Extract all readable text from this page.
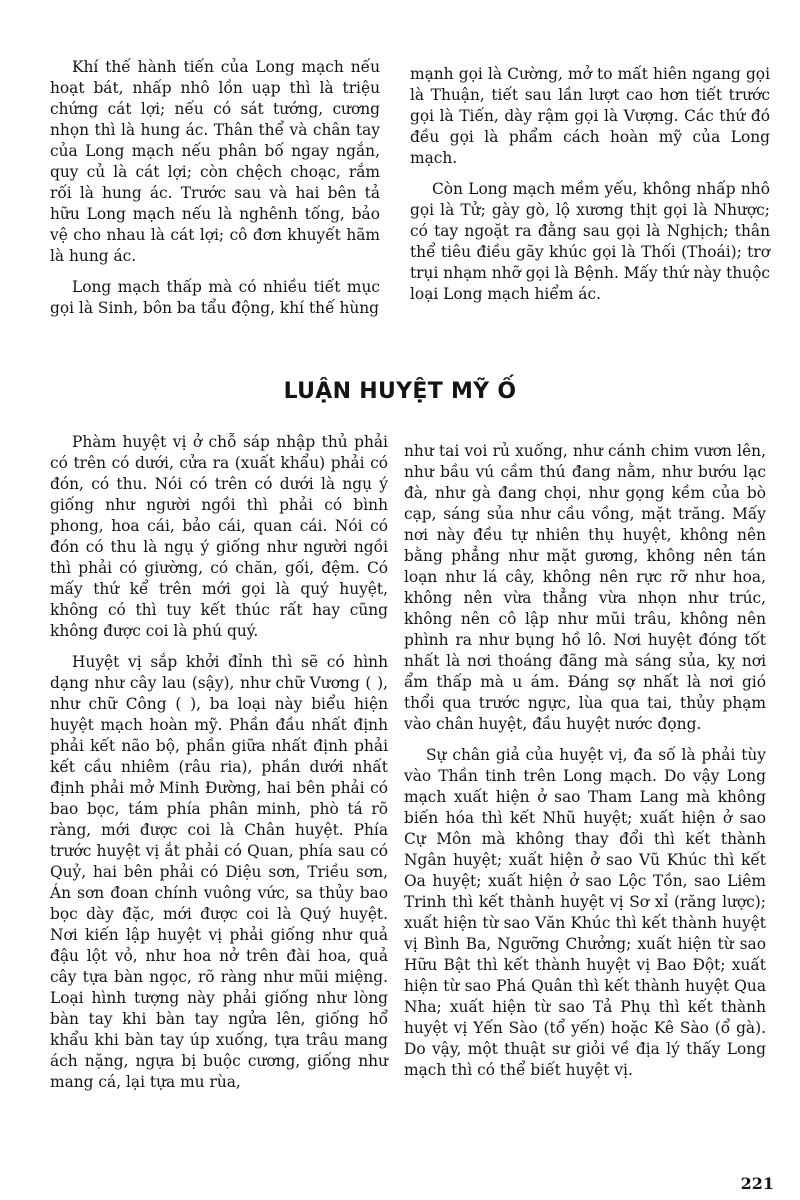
Khí thế hành tiến của Long mạch nếu hoạt bát, nhấp nhô lồn uạp thì là triệu chứng cát lợi; nếu có sát tướng, cương nhọn thì là hung ác. Thân thể và chân tay của Long mạch nếu phân bố ngay ngắn, quy củ là cát lợi; còn chệch choạc, rắm rối là hung ác. Trước sau và hai bên tả hữu Long mạch nếu là nghênh tống, bảo vệ cho nhau là cát lợi; cô đơn khuyết hãm là hung ác.

Long mạch thấp mà có nhiều tiết mục gọi là Sinh, bôn ba tẩu động, khí thế hùng

mạnh gọi là Cường, mở to mất hiên ngang gọi là Thuận, tiết sau lần lượt cao hơn tiết trước gọi là Tiến, dày rậm gọi là Vượng. Các thứ đó đều gọi là phẩm cách hoàn mỹ của Long mạch.

Còn Long mạch mềm yếu, không nhấp nhô gọi là Tử; gày gò, lộ xương thịt gọi là Nhược; có tay ngoặt ra đằng sau gọi là Nghịch; thân thể tiêu điều gãy khúc gọi là Thối (Thoái); trơ trụi nhạm nhỡ gọi là Bệnh. Mấy thứ này thuộc loại Long mạch hiểm ác.

LUẬN HUYỆT MỸ Ố

Phàm huyệt vị ở chỗ sáp nhập thủ phải có trên có dưới, cửa ra (xuất khẩu) phải có đón, có thu. Nói có trên có dưới là ngụ ý giống như người ngồi thì phải có bình phong, hoa cái, bảo cái, quan cái. Nói có đón có thu là ngụ ý giống như người ngồi thì phải có giường, có chăn, gối, đệm. Có mấy thứ kể trên mới gọi là quý huyệt, không có thì tuy kết thúc rất hay cũng không được coi là phú quý.

Huyệt vị sắp khởi đỉnh thì sẽ có hình dạng như cây lau (sậy), như chữ Vương ( ), như chữ Công ( ), ba loại này biểu hiện huyệt mạch hoàn mỹ. Phần đầu nhất định phải kết não bộ, phần giữa nhất định phải kết cầu nhiêm (râu ria), phần dưới nhất định phải mở Minh Đường, hai bên phải có bao bọc, tám phía phân minh, phò tá rõ ràng, mới được coi là Chân huyệt. Phía trước huyệt vị ắt phải có Quan, phía sau có Quỷ, hai bên phải có Diệu sơn, Triều sơn, Án sơn đoan chính vuông vức, sa thủy bao bọc dày đặc, mới được coi là Quý huyệt. Nơi kiến lập huyệt vị phải giống như quả đậu lột vỏ, như hoa nở trên đài hoa, quả cây tựa bàn ngọc, rõ ràng như mũi miệng. Loại hình tượng này phải giống như lòng bàn tay khi bàn tay ngửa lên, giống hổ khẩu khi bàn tay úp xuống, tựa trâu mang ách nặng, ngựa bị buộc cương, giống như mang cá, lại tựa mu rùa,

như tai voi rủ xuống, như cánh chim vươn lên, như bầu vú cầm thú đang nằm, như bướu lạc đà, như gà đang chọi, như gọng kềm của bò cạp, sáng sủa như cầu vồng, mặt trăng. Mấy nơi này đều tự nhiên thụ huyệt, không nên bằng phẳng như mặt gương, không nên tán loạn như lá cây, không nên rực rỡ như hoa, không nên vừa thẳng vừa nhọn như trúc, không nên cô lập như mũi trâu, không nên phình ra như bụng hồ lô. Nơi huyệt đóng tốt nhất là nơi thoáng đãng mà sáng sủa, kỵ nơi ẩm thấp mà u ám. Đáng sợ nhất là nơi gió thổi qua trước ngực, lùa qua tai, thủy phạm vào chân huyệt, đầu huyệt nước đọng.

Sự chân giả của huyệt vị, đa số là phải tùy vào Thần tinh trên Long mạch. Do vậy Long mạch xuất hiện ở sao Tham Lang mà không biến hóa thì kết Nhũ huyệt; xuất hiện ở sao Cự Môn mà không thay đổi thì kết thành Ngân huyệt; xuất hiện ở sao Vũ Khúc thì kết Oa huyệt; xuất hiện ở sao Lộc Tồn, sao Liêm Trinh thì kết thành huyệt vị Sơ xỉ (răng lược); xuất hiện từ sao Văn Khúc thì kết thành huyệt vị Bình Ba, Ngưỡng Chưởng; xuất hiện từ sao Hữu Bật thì kết thành huyệt vị Bao Đột; xuất hiện từ sao Phá Quân thì kết thành huyệt Qua Nha; xuất hiện từ sao Tả Phụ thì kết thành huyệt vị Yến Sào (tổ yến) hoặc Kê Sào (ổ gà). Do vậy, một thuật sư giỏi về địa lý thấy Long mạch thì có thể biết huyệt vị.

221
